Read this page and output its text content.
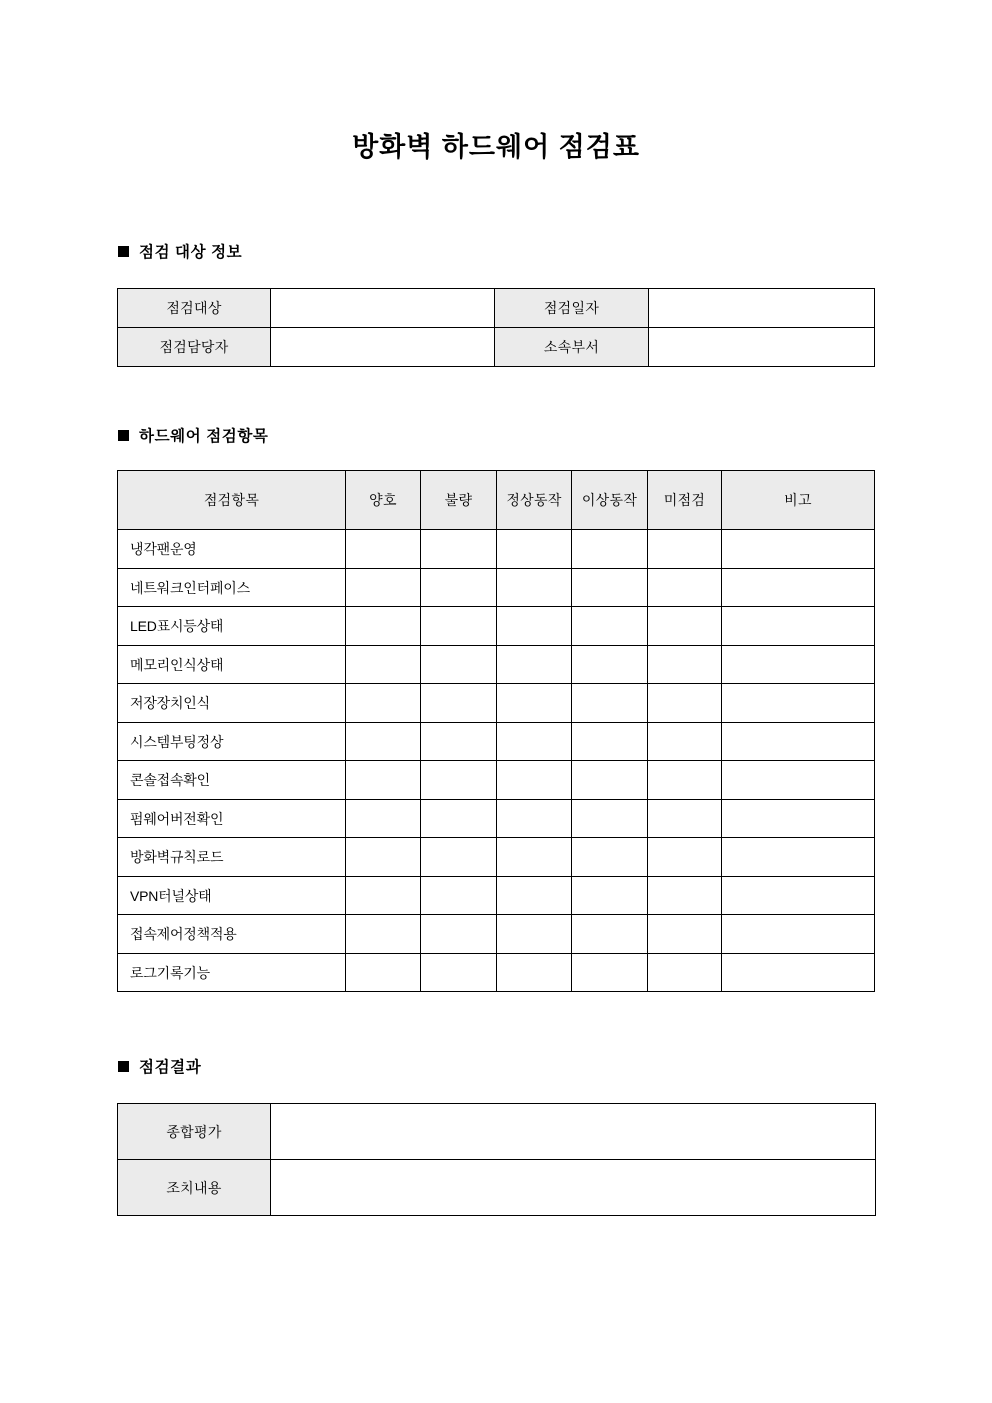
방화벽 하드웨어 점검표
점검 대상 정보
점검대상		점검일자	
점검담당자		소속부서	
하드웨어 점검항목
점검항목	양호	불량	정상동작	이상동작	미점검	비고
냉각팬운영						
네트워크인터페이스						
LED표시등상태						
메모리인식상태						
저장장치인식						
시스템부팅정상						
콘솔접속확인						
펌웨어버전확인						
방화벽규칙로드						
VPN터널상태						
접속제어정책적용						
로그기록기능						
점검결과
종합평가	
조치내용	
